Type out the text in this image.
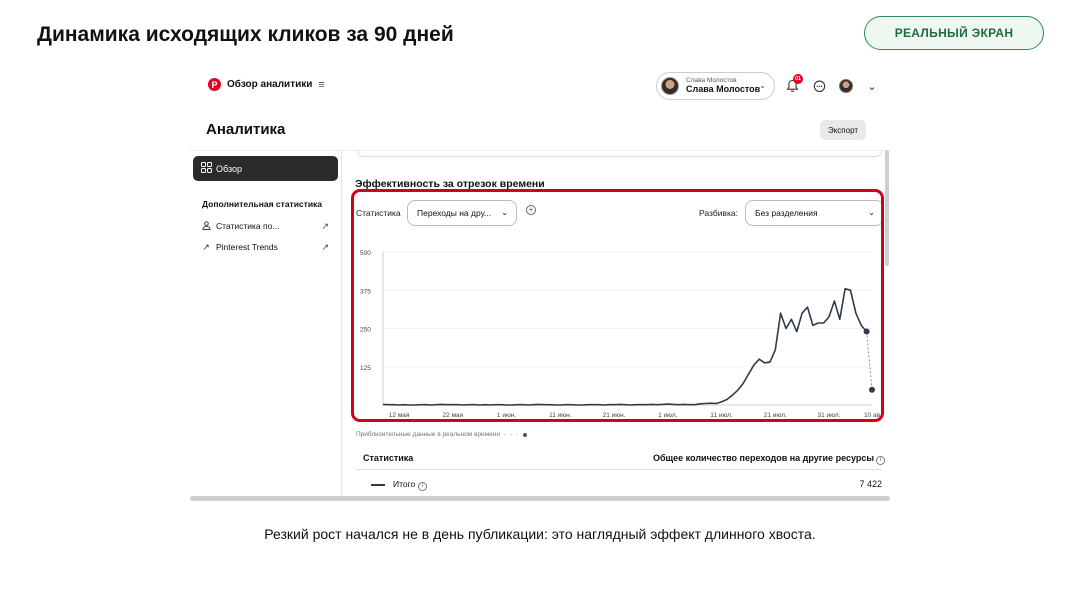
Динамика исходящих кликов за 90 дней	РЕАЛЬНЫЙ ЭКРАН
P Обзор аналитики ≡	Слава Молостов
Слава Молостов ⌄
01
⌄
Аналитика	Экспорт
Обзор
Дополнительная статистика
Статистика по...	↗
↗ Pinterest Trends	↗
Эффективность за отрезок времени
Статистика Переходы на дру... ⌄	+	Разбивка: Без разделения	⌄
125
250
375
500
12 мая	22 мая	1 июн.	11 июн.	21 июн.	1 июл.	11 июл.	21 июл.	31 июл.	10 ав
Приблизительные данные в реальном времени - - -
Статистика	Общее количество переходов на другие ресурсы i
Итого i	7 422
Резкий рост начался не в день публикации: это наглядный эффект длинного хвоста.
